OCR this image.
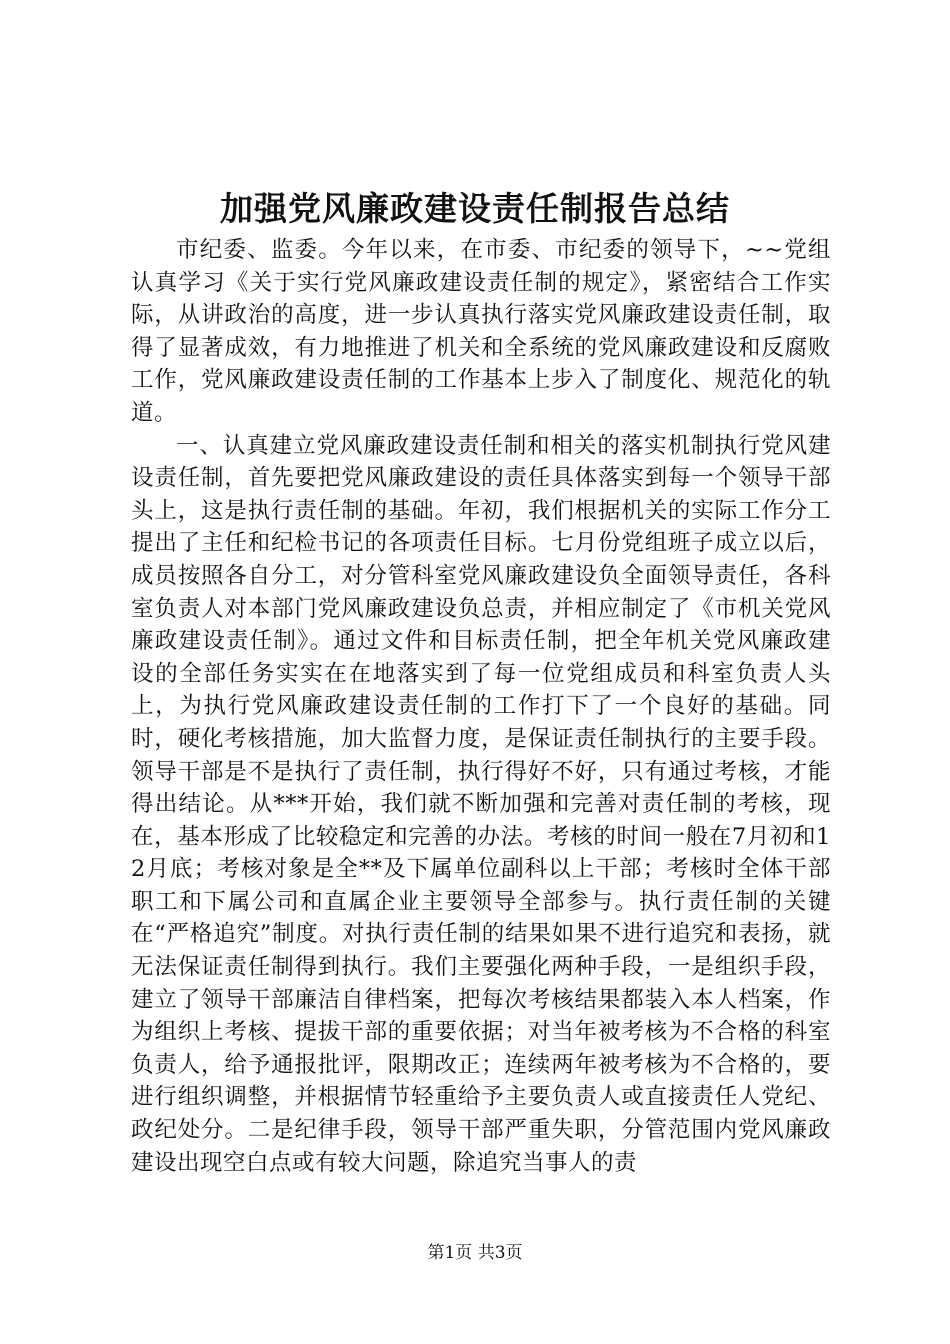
加强党风廉政建设责任制报告总结

市纪委、监委。今年以来，在市委、市纪委的领导下，~~党组认真学习《关于实行党风廉政建设责任制的规定》，紧密结合工作实际，从讲政治的高度，进一步认真执行落实党风廉政建设责任制，取得了显著成效，有力地推进了机关和全系统的党风廉政建设和反腐败工作，党风廉政建设责任制的工作基本上步入了制度化、规范化的轨道。

一、认真建立党风廉政建设责任制和相关的落实机制执行党风建设责任制，首先要把党风廉政建设的责任具体落实到每一个领导干部头上，这是执行责任制的基础。年初，我们根据机关的实际工作分工提出了主任和纪检书记的各项责任目标。七月份党组班子成立以后，成员按照各自分工，对分管科室党风廉政建设负全面领导责任，各科室负责人对本部门党风廉政建设负总责，并相应制定了《市机关党风廉政建设责任制》。通过文件和目标责任制，把全年机关党风廉政建设的全部任务实实在在地落实到了每一位党组成员和科室负责人头上，为执行党风廉政建设责任制的工作打下了一个良好的基础。同时，硬化考核措施，加大监督力度，是保证责任制执行的主要手段。领导干部是不是执行了责任制，执行得好不好，只有通过考核，才能得出结论。从***开始，我们就不断加强和完善对责任制的考核，现在，基本形成了比较稳定和完善的办法。考核的时间一般在7月初和12月底；考核对象是全**及下属单位副科以上干部；考核时全体干部职工和下属公司和直属企业主要领导全部参与。执行责任制的关键在“严格追究”制度。对执行责任制的结果如果不进行追究和表扬，就无法保证责任制得到执行。我们主要强化两种手段，一是组织手段，建立了领导干部廉洁自律档案，把每次考核结果都装入本人档案，作为组织上考核、提拔干部的重要依据；对当年被考核为不合格的科室负责人，给予通报批评，限期改正；连续两年被考核为不合格的，要进行组织调整，并根据情节轻重给予主要负责人或直接责任人党纪、政纪处分。二是纪律手段，领导干部严重失职，分管范围内党风廉政建设出现空白点或有较大问题，除追究当事人的责

第1页 共3页
